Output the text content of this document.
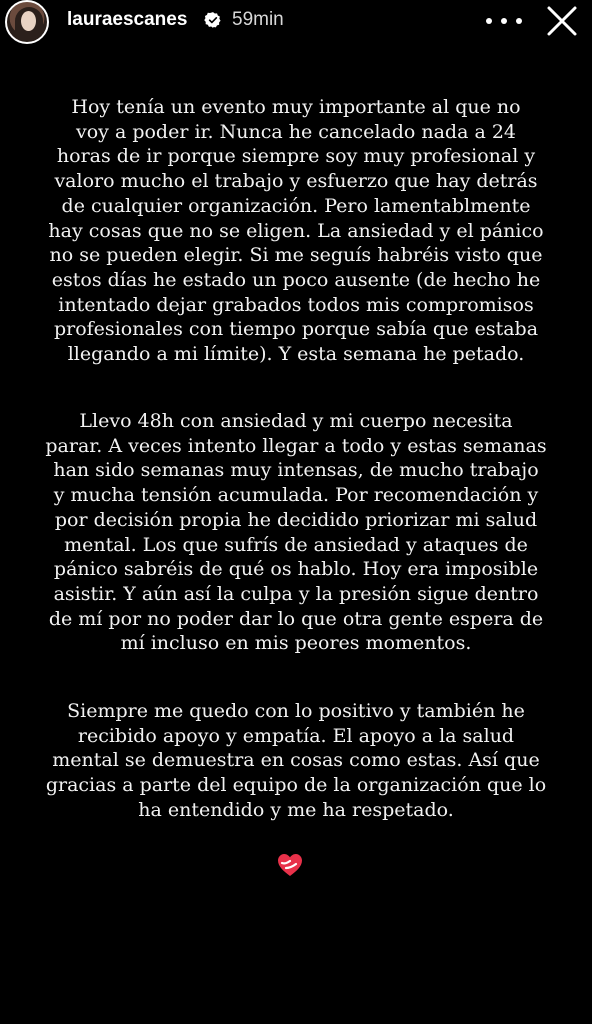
lauraescanes 59min
Hoy tenía un evento muy importante al que no
voy a poder ir. Nunca he cancelado nada a 24
horas de ir porque siempre soy muy profesional y
valoro mucho el trabajo y esfuerzo que hay detrás
de cualquier organización. Pero lamentablmente
hay cosas que no se eligen. La ansiedad y el pánico
no se pueden elegir. Si me seguís habréis visto que
estos días he estado un poco ausente (de hecho he
intentado dejar grabados todos mis compromisos
profesionales con tiempo porque sabía que estaba
llegando a mi límite). Y esta semana he petado.
Llevo 48h con ansiedad y mi cuerpo necesita
parar. A veces intento llegar a todo y estas semanas
han sido semanas muy intensas, de mucho trabajo
y mucha tensión acumulada. Por recomendación y
por decisión propia he decidido priorizar mi salud
mental. Los que sufrís de ansiedad y ataques de
pánico sabréis de qué os hablo. Hoy era imposible
asistir. Y aún así la culpa y la presión sigue dentro
de mí por no poder dar lo que otra gente espera de
mí incluso en mis peores momentos.
Siempre me quedo con lo positivo y también he
recibido apoyo y empatía. El apoyo a la salud
mental se demuestra en cosas como estas. Así que
gracias a parte del equipo de la organización que lo
ha entendido y me ha respetado.
